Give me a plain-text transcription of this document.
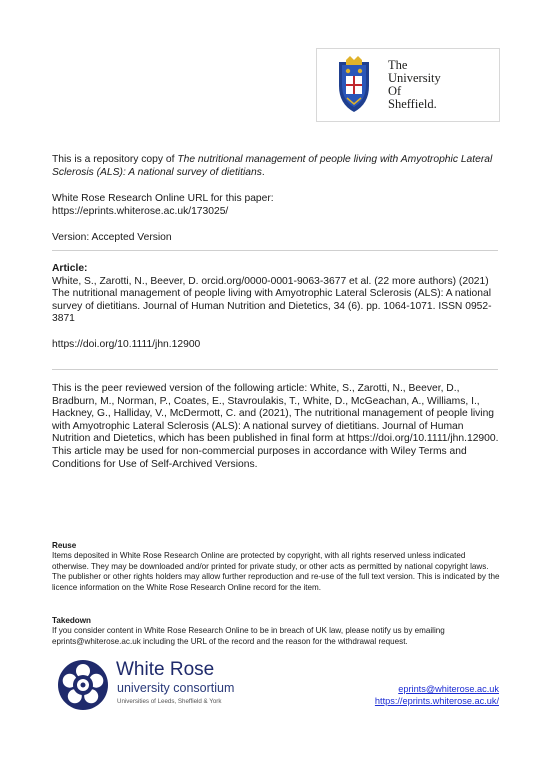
The
University
Of
Sheffield.
This is a repository copy of The nutritional management of people living with Amyotrophic Lateral Sclerosis (ALS): A national survey of dietitians.
White Rose Research Online URL for this paper:
https://eprints.whiterose.ac.uk/173025/
Version: Accepted Version
Article:
White, S., Zarotti, N., Beever, D. orcid.org/0000-0001-9063-3677 et al. (22 more authors) (2021) The nutritional management of people living with Amyotrophic Lateral Sclerosis (ALS): A national survey of dietitians. Journal of Human Nutrition and Dietetics, 34 (6). pp. 1064-1071. ISSN 0952-3871
https://doi.org/10.1111/jhn.12900
This is the peer reviewed version of the following article: White, S., Zarotti, N., Beever, D., Bradburn, M., Norman, P., Coates, E., Stavroulakis, T., White, D., McGeachan, A., Williams, I., Hackney, G., Halliday, V., McDermott, C. and (2021), The nutritional management of people living with Amyotrophic Lateral Sclerosis (ALS): A national survey of dietitians. Journal of Human Nutrition and Dietetics, which has been published in final form at https://doi.org/10.1111/jhn.12900. This article may be used for non-commercial purposes in accordance with Wiley Terms and Conditions for Use of Self-Archived Versions.
Reuse
Items deposited in White Rose Research Online are protected by copyright, with all rights reserved unless indicated otherwise. They may be downloaded and/or printed for private study, or other acts as permitted by national copyright laws. The publisher or other rights holders may allow further reproduction and re-use of the full text version. This is indicated by the licence information on the White Rose Research Online record for the item.
Takedown
If you consider content in White Rose Research Online to be in breach of UK law, please notify us by emailing eprints@whiterose.ac.uk including the URL of the record and the reason for the withdrawal request.
White Rose
university consortium
Universities of Leeds, Sheffield & York
eprints@whiterose.ac.uk
https://eprints.whiterose.ac.uk/
